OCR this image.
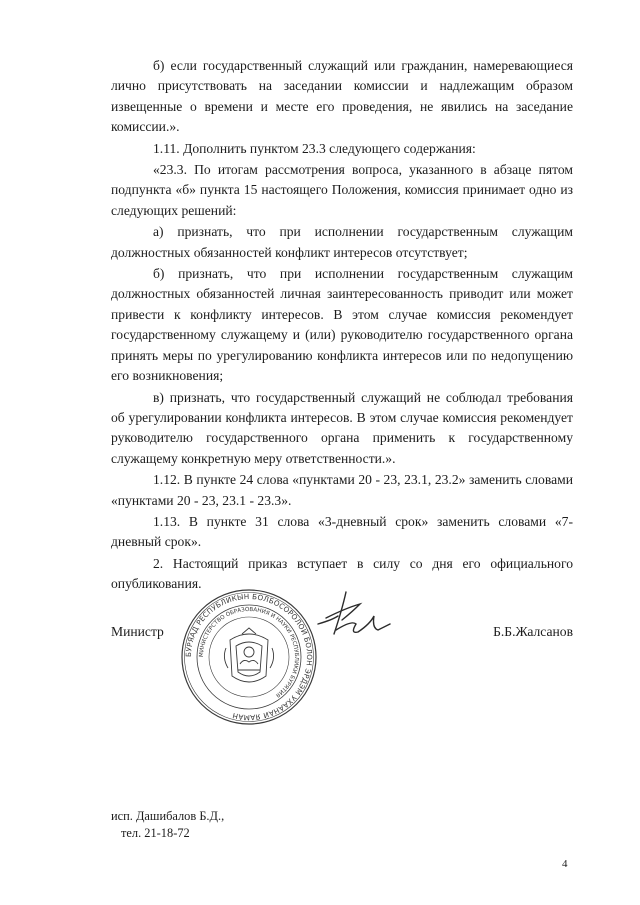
б) если государственный служащий или гражданин, намеревающиеся лично присутствовать на заседании комиссии и надлежащим образом извещенные о времени и месте его проведения, не явились на заседание комиссии.».

1.11. Дополнить пунктом 23.3 следующего содержания:

«23.3. По итогам рассмотрения вопроса, указанного в абзаце пятом подпункта «б» пункта 15 настоящего Положения, комиссия принимает одно из следующих решений:

а) признать, что при исполнении государственным служащим должностных обязанностей конфликт интересов отсутствует;

б) признать, что при исполнении государственным служащим должностных обязанностей личная заинтересованность приводит или может привести к конфликту интересов. В этом случае комиссия рекомендует государственному служащему и (или) руководителю государственного органа принять меры по урегулированию конфликта интересов или по недопущению его возникновения;

в) признать, что государственный служащий не соблюдал требования об урегулировании конфликта интересов. В этом случае комиссия рекомендует руководителю государственного органа применить к государственному служащему конкретную меру ответственности.».

1.12. В пункте 24 слова «пунктами 20 - 23, 23.1, 23.2» заменить словами «пунктами 20 - 23, 23.1 - 23.3».

1.13. В пункте 31 слова «3-дневный срок» заменить словами «7-дневный срок».

2. Настоящий приказ вступает в силу со дня его официального опубликования.

Министр	Б.Б.Жалсанов
БУРЯАД РЕСПУБЛИКЫН БОЛБОСОРОЛОЙ БОЛОН ЭРДЭМ УХААНАЙ ЯАМАН
МИНИСТЕРСТВО ОБРАЗОВАНИЯ И НАУКИ РЕСПУБЛИКИ БУРЯТИЯ
исп. Дашибалов Б.Д.,
тел. 21-18-72
4
